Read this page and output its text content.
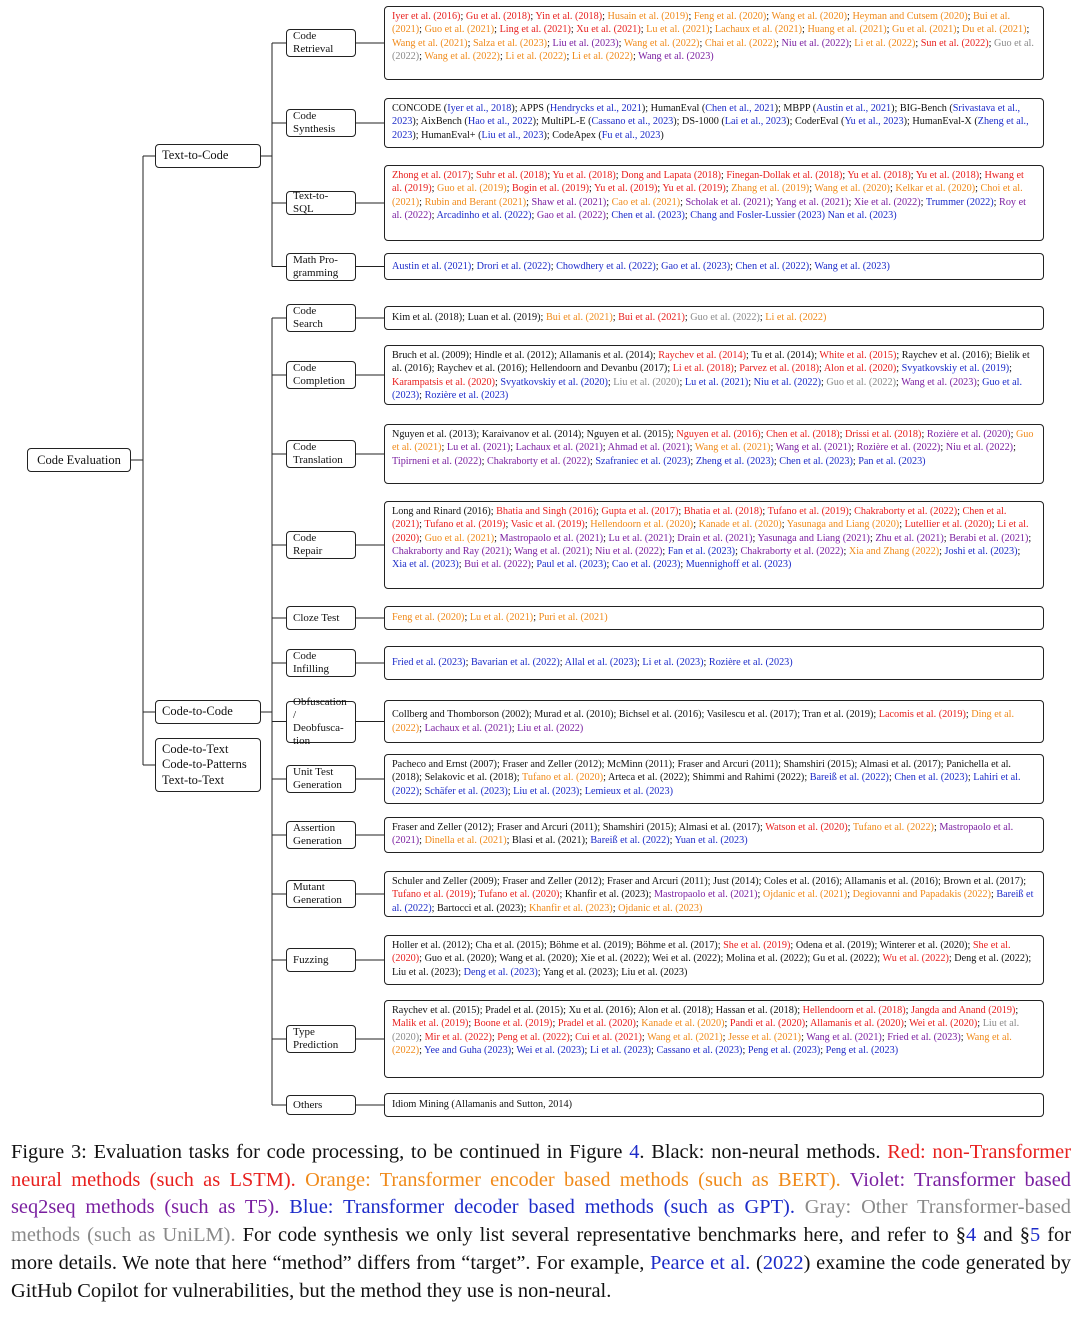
Code Evaluation
Text-to-Code
Code-to-Code
Code-to-Text
Code-to-Patterns
Text-to-Text
Code
Retrieval
Iyer et al. (2016); Gu et al. (2018); Yin et al. (2018); Husain et al. (2019); Feng et al. (2020); Wang et al. (2020); Heyman and Cutsem (2020); Bui et al. (2021); Guo et al. (2021); Ling et al. (2021); Xu et al. (2021); Lu et al. (2021); Lachaux et al. (2021); Huang et al. (2021); Gu et al. (2021); Du et al. (2021); Wang et al. (2021); Salza et al. (2023); Liu et al. (2023); Wang et al. (2022); Chai et al. (2022); Niu et al. (2022); Li et al. (2022); Sun et al. (2022); Guo et al. (2022); Wang et al. (2022); Li et al. (2022); Li et al. (2022); Wang et al. (2023)
Code
Synthesis
CONCODE (Iyer et al., 2018); APPS (Hendrycks et al., 2021); HumanEval (Chen et al., 2021); MBPP (Austin et al., 2021); BIG-Bench (Srivastava et al., 2023); AixBench (Hao et al., 2022); MultiPL-E (Cassano et al., 2023); DS-1000 (Lai et al., 2023); CoderEval (Yu et al., 2023); HumanEval-X (Zheng et al., 2023); HumanEval+ (Liu et al., 2023); CodeApex (Fu et al., 2023)
Text-to-SQL
Zhong et al. (2017); Suhr et al. (2018); Yu et al. (2018); Dong and Lapata (2018); Finegan-Dollak et al. (2018); Yu et al. (2018); Yu et al. (2018); Hwang et al. (2019); Guo et al. (2019); Bogin et al. (2019); Yu et al. (2019); Yu et al. (2019); Zhang et al. (2019); Wang et al. (2020); Kelkar et al. (2020); Choi et al. (2021); Rubin and Berant (2021); Shaw et al. (2021); Cao et al. (2021); Scholak et al. (2021); Yang et al. (2021); Xie et al. (2022); Trummer (2022); Roy et al. (2022); Arcadinho et al. (2022); Gao et al. (2022); Chen et al. (2023); Chang and Fosler-Lussier (2023) Nan et al. (2023)
Math Pro-
gramming
Austin et al. (2021); Drori et al. (2022); Chowdhery et al. (2022); Gao et al. (2023); Chen et al. (2022); Wang et al. (2023)
Code
Search
Kim et al. (2018); Luan et al. (2019); Bui et al. (2021); Bui et al. (2021); Guo et al. (2022); Li et al. (2022)
Code
Completion
Bruch et al. (2009); Hindle et al. (2012); Allamanis et al. (2014); Raychev et al. (2014); Tu et al. (2014); White et al. (2015); Raychev et al. (2016); Bielik et al. (2016); Raychev et al. (2016); Hellendoorn and Devanbu (2017); Li et al. (2018); Parvez et al. (2018); Alon et al. (2020); Svyatkovskiy et al. (2019); Karampatsis et al. (2020); Svyatkovskiy et al. (2020); Liu et al. (2020); Lu et al. (2021); Niu et al. (2022); Guo et al. (2022); Wang et al. (2023); Guo et al. (2023); Rozière et al. (2023)
Code
Translation
Nguyen et al. (2013); Karaivanov et al. (2014); Nguyen et al. (2015); Nguyen et al. (2016); Chen et al. (2018); Drissi et al. (2018); Rozière et al. (2020); Guo et al. (2021); Lu et al. (2021); Lachaux et al. (2021); Ahmad et al. (2021); Wang et al. (2021); Wang et al. (2021); Rozière et al. (2022); Niu et al. (2022); Tipirneni et al. (2022); Chakraborty et al. (2022); Szafraniec et al. (2023); Zheng et al. (2023); Chen et al. (2023); Pan et al. (2023)
Code
Repair
Long and Rinard (2016); Bhatia and Singh (2016); Gupta et al. (2017); Bhatia et al. (2018); Tufano et al. (2019); Chakraborty et al. (2022); Chen et al. (2021); Tufano et al. (2019); Vasic et al. (2019); Hellendoorn et al. (2020); Kanade et al. (2020); Yasunaga and Liang (2020); Lutellier et al. (2020); Li et al. (2020); Guo et al. (2021); Mastropaolo et al. (2021); Lu et al. (2021); Drain et al. (2021); Yasunaga and Liang (2021); Zhu et al. (2021); Berabi et al. (2021); Chakraborty and Ray (2021); Wang et al. (2021); Niu et al. (2022); Fan et al. (2023); Chakraborty et al. (2022); Xia and Zhang (2022); Joshi et al. (2023); Xia et al. (2023); Bui et al. (2022); Paul et al. (2023); Cao et al. (2023); Muennighoff et al. (2023)
Cloze Test	Feng et al. (2020); Lu et al. (2021); Puri et al. (2021)
Code
Infilling
Fried et al. (2023); Bavarian et al. (2022); Allal et al. (2023); Li et al. (2023); Rozière et al. (2023)
Obfuscation
/ Deobfusca-
tion
Collberg and Thomborson (2002); Murad et al. (2010); Bichsel et al. (2016); Vasilescu et al. (2017); Tran et al. (2019); Lacomis et al. (2019); Ding et al. (2022); Lachaux et al. (2021); Liu et al. (2022)
Unit Test
Generation
Pacheco and Ernst (2007); Fraser and Zeller (2012); McMinn (2011); Fraser and Arcuri (2011); Shamshiri (2015); Almasi et al. (2017); Panichella et al. (2018); Selakovic et al. (2018); Tufano et al. (2020); Arteca et al. (2022); Shimmi and Rahimi (2022); Bareiß et al. (2022); Chen et al. (2023); Lahiri et al. (2022); Schäfer et al. (2023); Liu et al. (2023); Lemieux et al. (2023)
Assertion
Generation
Fraser and Zeller (2012); Fraser and Arcuri (2011); Shamshiri (2015); Almasi et al. (2017); Watson et al. (2020); Tufano et al. (2022); Mastropaolo et al. (2021); Dinella et al. (2021); Blasi et al. (2021); Bareiß et al. (2022); Yuan et al. (2023)
Mutant
Generation
Schuler and Zeller (2009); Fraser and Zeller (2012); Fraser and Arcuri (2011); Just (2014); Coles et al. (2016); Allamanis et al. (2016); Brown et al. (2017); Tufano et al. (2019); Tufano et al. (2020); Khanfir et al. (2023); Mastropaolo et al. (2021); Ojdanic et al. (2021); Degiovanni and Papadakis (2022); Bareiß et al. (2022); Bartocci et al. (2023); Khanfir et al. (2023); Ojdanic et al. (2023)
Fuzzing
Holler et al. (2012); Cha et al. (2015); Böhme et al. (2019); Böhme et al. (2017); She et al. (2019); Odena et al. (2019); Winterer et al. (2020); She et al. (2020); Guo et al. (2020); Wang et al. (2020); Xie et al. (2022); Wei et al. (2022); Molina et al. (2022); Gu et al. (2022); Wu et al. (2022); Deng et al. (2022); Liu et al. (2023); Deng et al. (2023); Yang et al. (2023); Liu et al. (2023)
Type
Prediction
Raychev et al. (2015); Pradel et al. (2015); Xu et al. (2016); Alon et al. (2018); Hassan et al. (2018); Hellendoorn et al. (2018); Jangda and Anand (2019); Malik et al. (2019); Boone et al. (2019); Pradel et al. (2020); Kanade et al. (2020); Pandi et al. (2020); Allamanis et al. (2020); Wei et al. (2020); Liu et al. (2020); Mir et al. (2022); Peng et al. (2022); Cui et al. (2021); Wang et al. (2021); Jesse et al. (2021); Wang et al. (2021); Fried et al. (2023); Wang et al. (2022); Yee and Guha (2023); Wei et al. (2023); Li et al. (2023); Cassano et al. (2023); Peng et al. (2023); Peng et al. (2023)
Others	Idiom Mining (Allamanis and Sutton, 2014)
Figure 3: Evaluation tasks for code processing, to be continued in Figure 4. Black: non-neural methods. Red: non-Transformer neural methods (such as LSTM). Orange: Transformer encoder based methods (such as BERT). Violet: Transformer based seq2seq methods (such as T5). Blue: Transformer decoder based methods (such as GPT). Gray: Other Transformer-based methods (such as UniLM). For code synthesis we only list several representative benchmarks here, and refer to §4 and §5 for more details. We note that here “method” differs from “target”. For example, Pearce et al. (2022) examine the code generated by GitHub Copilot for vulnerabilities, but the method they use is non-neural.
